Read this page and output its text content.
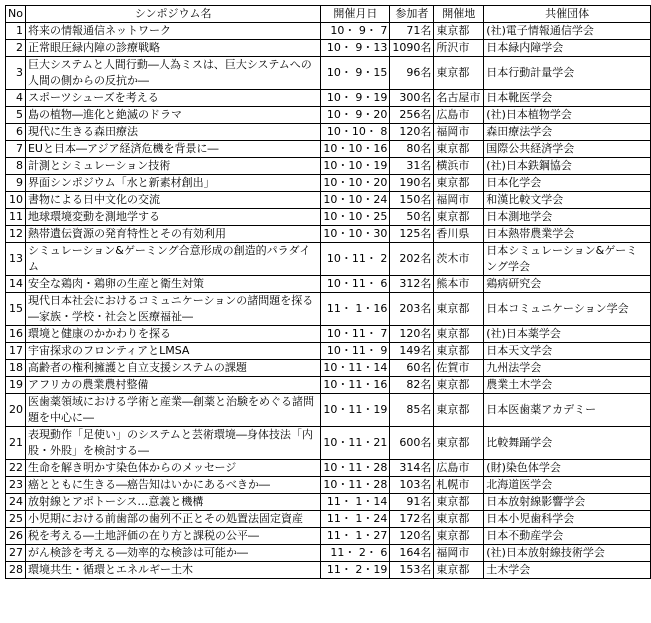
No	シンポジウム名	開催月日	参加者	開催地	共催団体
1	将来の情報通信ネットワーク	10・ 9・ 7	71名	東京都	(社)電子情報通信学会
2	正常眼圧緑内障の診療戦略	10・ 9・13	1090名	所沢市	日本緑内障学会
3	巨大システムと人間行動―人為ミスは、巨大システムへの人間の側からの反抗か―	10・ 9・15	96名	東京都	日本行動計量学会
4	スポーツシューズを考える	10・ 9・19	300名	名古屋市	日本靴医学会
5	島の植物―進化と絶滅のドラマ	10・ 9・20	256名	広島市	(社)日本植物学会
6	現代に生きる森田療法	10・10・ 8	120名	福岡市	森田療法学会
7	EUと日本―アジア経済危機を背景に―	10・10・16	80名	東京都	国際公共経済学会
8	計測とシミュレーション技術	10・10・19	31名	横浜市	(社)日本鉄鋼協会
9	界面シンポジウム「水と新素材創出」	10・10・20	190名	東京都	日本化学会
10	書物による日中文化の交流	10・10・24	150名	福岡市	和漢比較文学会
11	地球環境変動を測地学する	10・10・25	50名	東京都	日本測地学会
12	熱帯遺伝資源の発育特性とその有効利用	10・10・30	125名	香川県	日本熱帯農業学会
13	シミュレーション&ゲーミング合意形成の創造的パラダイム	10・11・ 2	202名	茨木市	日本シミュレーション&ゲーミング学会
14	安全な鶏肉・鶏卵の生産と衛生対策	10・11・ 6	312名	熊本市	鶏病研究会
15	現代日本社会におけるコミュニケーションの諸問題を探る―家族・学校・社会と医療福祉―	11・ 1・16	203名	東京都	日本コミュニケーション学会
16	環境と健康のかかわりを探る	10・11・ 7	120名	東京都	(社)日本薬学会
17	宇宙探求のフロンティアとLMSA	10・11・ 9	149名	東京都	日本天文学会
18	高齢者の権利擁護と自立支援システムの課題	10・11・14	60名	佐賀市	九州法学会
19	アフリカの農業農村整備	10・11・16	82名	東京都	農業土木学会
20	医歯薬領域における学術と産業―創薬と治験をめぐる諸問題を中心に―	10・11・19	85名	東京都	日本医歯薬アカデミー
21	表現動作「足使い」のシステムと芸術環境―身体技法「内股・外股」を検討する―	10・11・21	600名	東京都	比較舞踊学会
22	生命を解き明かす染色体からのメッセージ	10・11・28	314名	広島市	(財)染色体学会
23	癌とともに生きる―癌告知はいかにあるべきか―	10・11・28	103名	札幌市	北海道医学会
24	放射線とアポトーシス…意義と機構	11・ 1・14	91名	東京都	日本放射線影響学会
25	小児期における前歯部の歯列不正とその処置法固定資産	11・ 1・24	172名	東京都	日本小児歯科学会
26	税を考える―土地評価の在り方と課税の公平―	11・ 1・27	120名	東京都	日本不動産学会
27	がん検診を考える―効率的な検診は可能か―	11・ 2・ 6	164名	福岡市	(社)日本放射線技術学会
28	環境共生・循環とエネルギー土木	11・ 2・19	153名	東京都	土木学会
